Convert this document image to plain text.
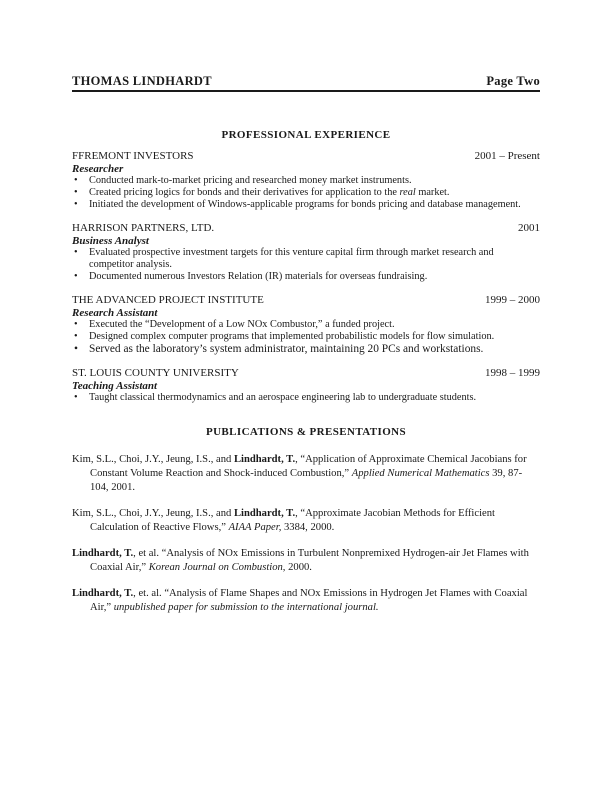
THOMAS LINDHARDT	Page Two
PROFESSIONAL EXPERIENCE
FFREMONT INVESTORS	2001 – Present
Researcher
• Conducted mark-to-market pricing and researched money market instruments.
• Created pricing logics for bonds and their derivatives for application to the real market.
• Initiated the development of Windows-applicable programs for bonds pricing and database management.
HARRISON PARTNERS, LTD.	2001
Business Analyst
• Evaluated prospective investment targets for this venture capital firm through market research and competitor analysis.
• Documented numerous Investors Relation (IR) materials for overseas fundraising.
THE ADVANCED PROJECT INSTITUTE	1999 – 2000
Research Assistant
• Executed the “Development of a Low NOx Combustor,” a funded project.
• Designed complex computer programs that implemented probabilistic models for flow simulation.
• Served as the laboratory’s system administrator, maintaining 20 PCs and workstations.
ST. LOUIS COUNTY UNIVERSITY	1998 – 1999
Teaching Assistant
• Taught classical thermodynamics and an aerospace engineering lab to undergraduate students.
PUBLICATIONS & PRESENTATIONS
Kim, S.L., Choi, J.Y., Jeung, I.S., and Lindhardt, T., “Application of Approximate Chemical Jacobians for Constant Volume Reaction and Shock-induced Combustion,” Applied Numerical Mathematics 39, 87-104, 2001.
Kim, S.L., Choi, J.Y., Jeung, I.S., and Lindhardt, T., “Approximate Jacobian Methods for Efficient Calculation of Reactive Flows,” AIAA Paper, 3384, 2000.
Lindhardt, T., et al. “Analysis of NOx Emissions in Turbulent Nonpremixed Hydrogen-air Jet Flames with Coaxial Air,” Korean Journal on Combustion, 2000.
Lindhardt, T., et. al. “Analysis of Flame Shapes and NOx Emissions in Hydrogen Jet Flames with Coaxial Air,” unpublished paper for submission to the international journal.
